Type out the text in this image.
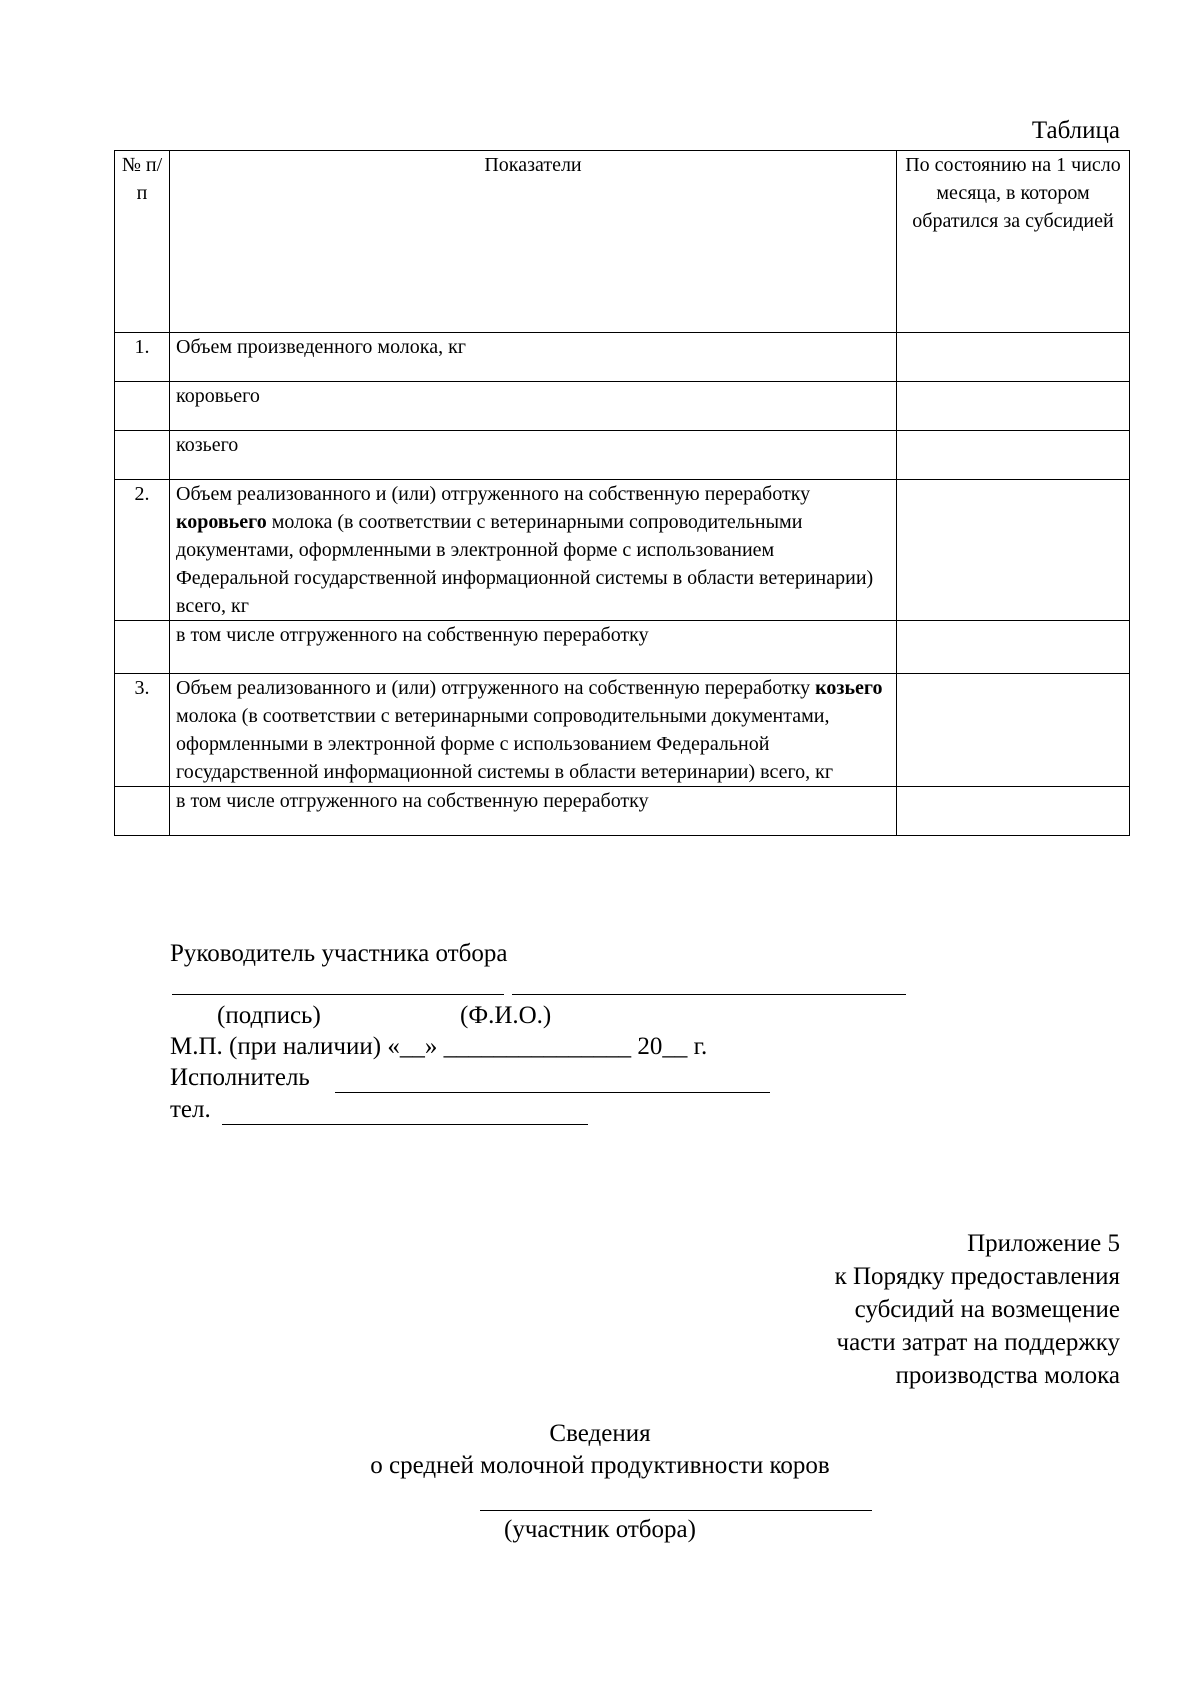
Таблица
№ п/п	Показатели	По состоянию на 1 число месяца, в котором обратился за субсидией
1.	Объем произведенного молока, кг	
	коровьего	
	козьего	
2.	Объем реализованного и (или) отгруженного на собственную переработку коровьего молока (в соответствии с ветеринарными сопроводительными документами, оформленными в электронной форме с использованием Федеральной государственной информационной системы в области ветеринарии) всего, кг	
	в том числе отгруженного на собственную переработку	
3.	Объем реализованного и (или) отгруженного на собственную переработку козьего молока (в соответствии с ветеринарными сопроводительными документами, оформленными в электронной форме с использованием Федеральной государственной информационной системы в области ветеринарии) всего, кг	
	в том числе отгруженного на собственную переработку	
Руководитель участника отбора
(подпись)	(Ф.И.О.)
М.П. (при наличии) «__» _______________ 20__ г.
Исполнитель
тел.
Приложение 5
к Порядку предоставления
субсидий на возмещение
части затрат на поддержку
производства молока
Сведения
о средней молочной продуктивности коров
(участник отбора)
